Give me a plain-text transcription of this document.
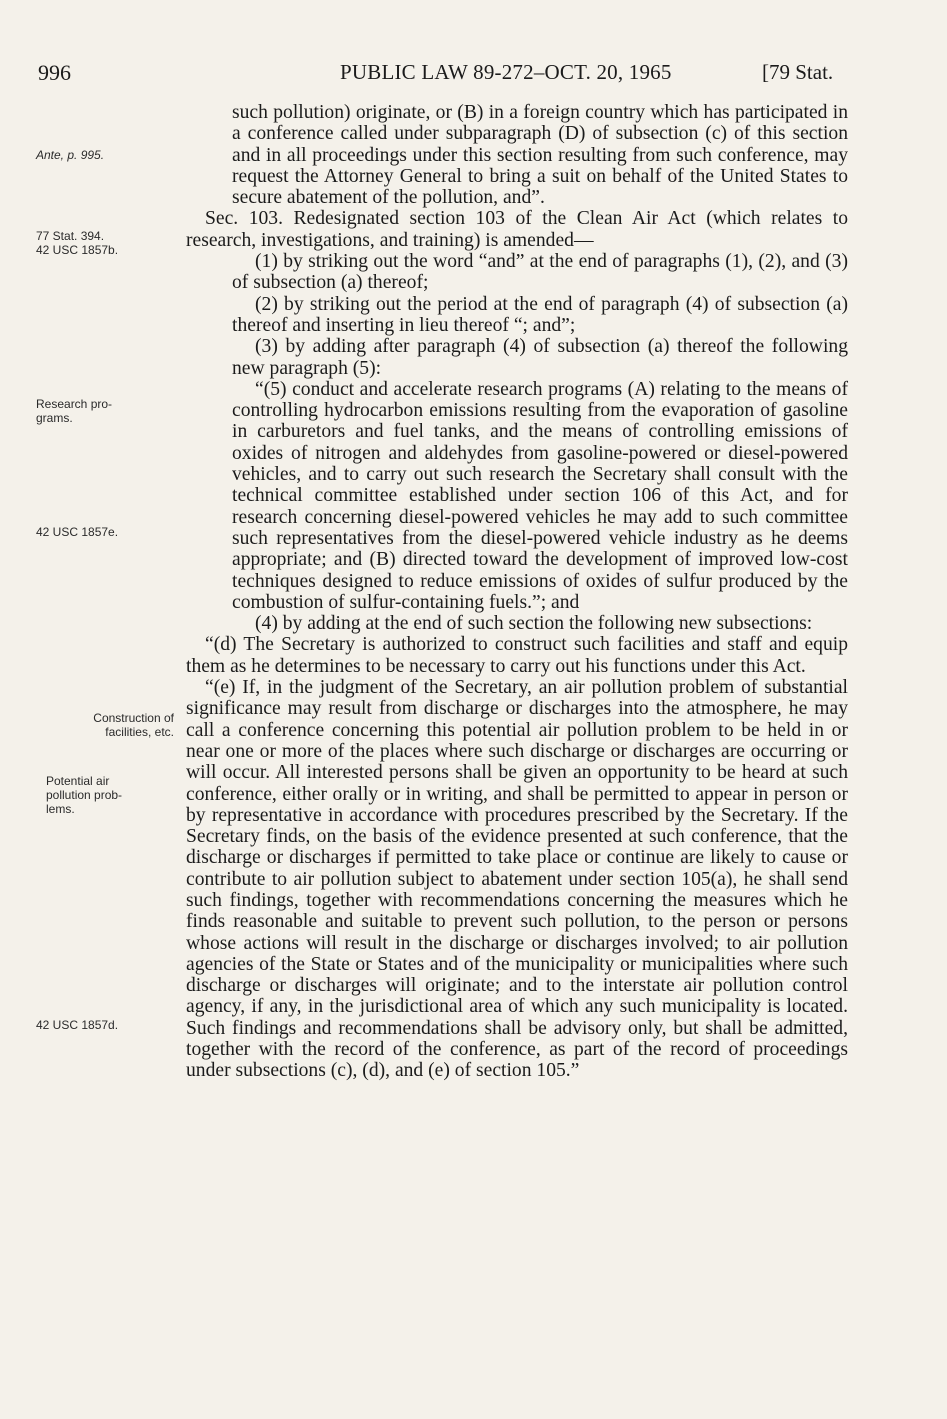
996	PUBLIC LAW 89-272–OCT. 20, 1965	[79 Stat.
Ante, p. 995.
77 Stat. 394.
42 USC 1857b.
Research pro-
grams.
42 USC 1857e.
Construction of
facilities, etc.
Potential air
pollution prob-
lems.
42 USC 1857d.

such pollution) originate, or (B) in a foreign country which has participated in a conference called under subparagraph (D) of subsection (c) of this section and in all proceedings under this section resulting from such conference, may request the Attorney General to bring a suit on behalf of the United States to secure abatement of the pollution, and”.

Sec. 103. Redesignated section 103 of the Clean Air Act (which relates to research, investigations, and training) is amended—

(1) by striking out the word “and” at the end of paragraphs (1), (2), and (3) of subsection (a) thereof;

(2) by striking out the period at the end of paragraph (4) of subsection (a) thereof and inserting in lieu thereof “; and”;

(3) by adding after paragraph (4) of subsection (a) thereof the following new paragraph (5):

“(5) conduct and accelerate research programs (A) relating to the means of controlling hydrocarbon emissions resulting from the evaporation of gasoline in carburetors and fuel tanks, and the means of controlling emissions of oxides of nitrogen and aldehydes from gasoline-powered or diesel-powered vehicles, and to carry out such research the Secretary shall consult with the technical committee established under section 106 of this Act, and for research concerning diesel-powered vehicles he may add to such committee such representatives from the diesel-powered vehicle industry as he deems appropriate; and (B) directed toward the development of improved low-cost techniques designed to reduce emissions of oxides of sulfur produced by the combustion of sulfur-containing fuels.”; and

(4) by adding at the end of such section the following new subsections:

“(d) The Secretary is authorized to construct such facilities and staff and equip them as he determines to be necessary to carry out his functions under this Act.

“(e) If, in the judgment of the Secretary, an air pollution problem of substantial significance may result from discharge or discharges into the atmosphere, he may call a conference concerning this potential air pollution problem to be held in or near one or more of the places where such discharge or discharges are occurring or will occur. All interested persons shall be given an opportunity to be heard at such conference, either orally or in writing, and shall be permitted to appear in person or by representative in accordance with procedures prescribed by the Secretary. If the Secretary finds, on the basis of the evidence presented at such conference, that the discharge or discharges if permitted to take place or continue are likely to cause or contribute to air pollution subject to abatement under section 105(a), he shall send such findings, together with recommendations concerning the measures which he finds reasonable and suitable to prevent such pollution, to the person or persons whose actions will result in the discharge or discharges involved; to air pollution agencies of the State or States and of the municipality or municipalities where such discharge or discharges will originate; and to the interstate air pollution control agency, if any, in the jurisdictional area of which any such municipality is located. Such findings and recommendations shall be advisory only, but shall be admitted, together with the record of the conference, as part of the record of proceedings under subsections (c), (d), and (e) of section 105.”
